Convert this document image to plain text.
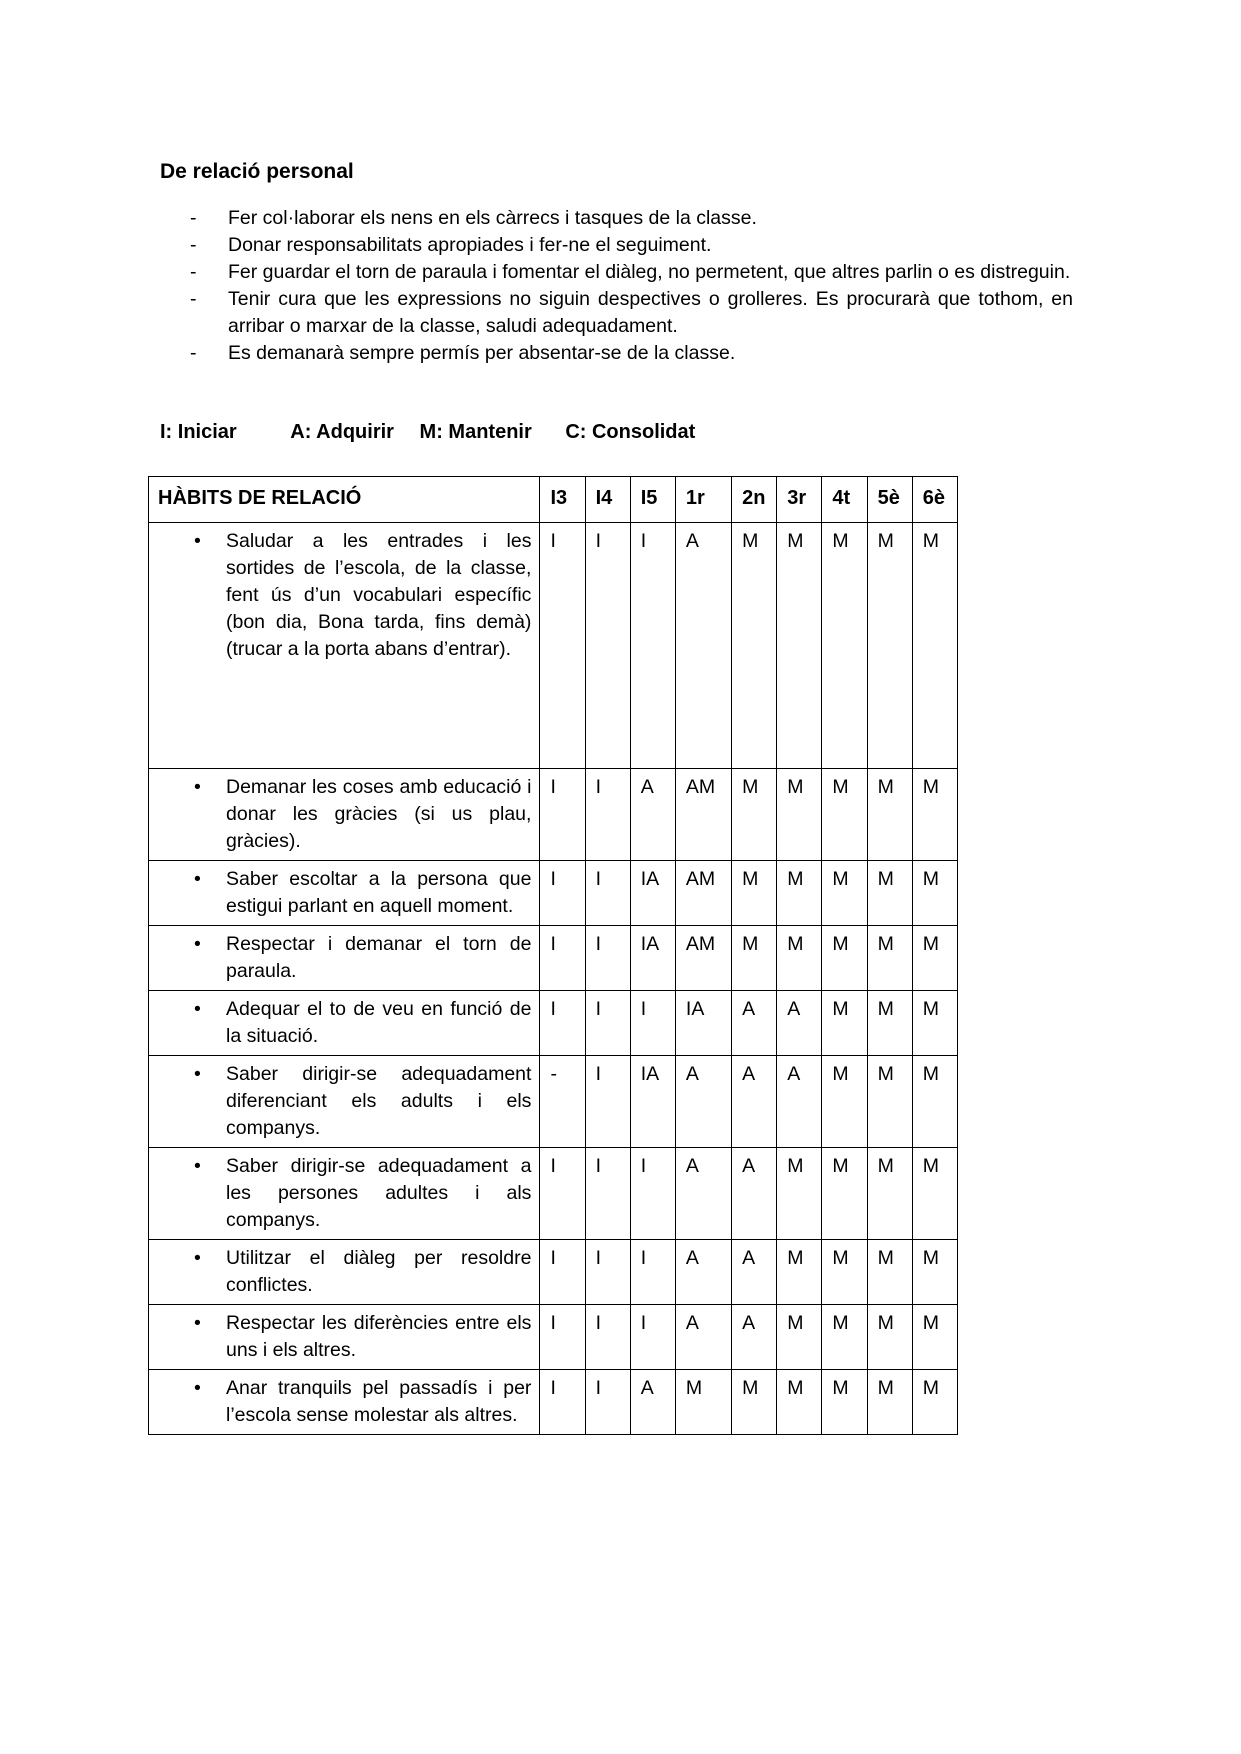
De relació personal
-	Fer col·laborar els nens en els càrrecs i tasques de la classe.
-	Donar responsabilitats apropiades i fer-ne el seguiment.
-	Fer guardar el torn de paraula i fomentar el diàleg, no permetent, que altres parlin o es distreguin.
-	Tenir cura que les expressions no siguin despectives o grolleres. Es procurarà que tothom, en arribar o marxar de la classe, saludi adequadament.
-	Es demanarà sempre permís per absentar-se de la classe.

I: Iniciar	A: Adquirir M: Mantenir C: Consolidat

HÀBITS DE RELACIÓ	I3	I4	I5	1r	2n	3r	4t	5è	6è

• Saludar a les entrades i les sortides de l’escola, de la classe, fent ús d’un vocabulari específic (bon dia, Bona tarda, fins demà) (trucar a la porta abans d’entrar).	I	I	I	A	M	M	M	M	M

• Demanar les coses amb educació i donar les gràcies (si us plau, gràcies).	I	I	A	AM	M	M	M	M	M

• Saber escoltar a la persona que estigui parlant en aquell moment.	I	I	IA	AM	M	M	M	M	M

• Respectar i demanar el torn de paraula.	I	I	IA	AM	M	M	M	M	M

• Adequar el to de veu en funció de la situació.	I	I	I	IA	A	A	M	M	M

• Saber dirigir-se adequadament diferenciant els adults i els companys.	-	I	IA	A	A	A	M	M	M

• Saber dirigir-se adequadament a les persones adultes i als companys.	I	I	I	A	A	M	M	M	M

• Utilitzar el diàleg per resoldre conflictes.	I	I	I	A	A	M	M	M	M

• Respectar les diferències entre els uns i els altres.	I	I	I	A	A	M	M	M	M

• Anar tranquils pel passadís i per l’escola sense molestar als altres.	I	I	A	M	M	M	M	M	M
